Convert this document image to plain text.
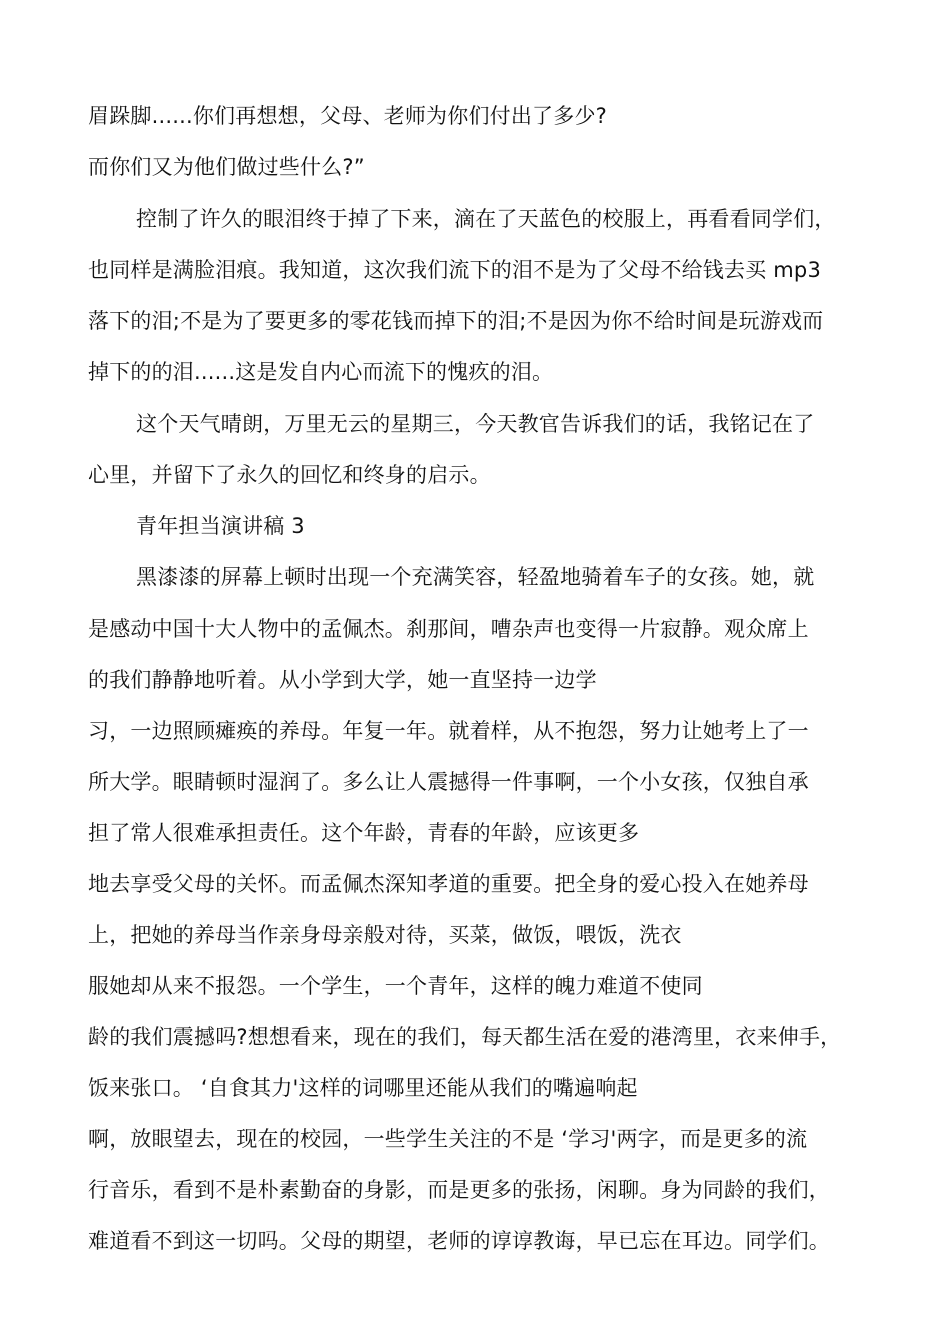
眉跺脚......你们再想想，父母、老师为你们付出了多少?
而你们又为他们做过些什么?”
控制了许久的眼泪终于掉了下来，滴在了天蓝色的校服上，再看看同学们，
也同样是满脸泪痕。我知道，这次我们流下的泪不是为了父母不给钱去买 mp3
落下的泪;不是为了要更多的零花钱而掉下的泪;不是因为你不给时间是玩游戏而
掉下的的泪......这是发自内心而流下的愧疚的泪。
这个天气晴朗，万里无云的星期三，今天教官告诉我们的话，我铭记在了
心里，并留下了永久的回忆和终身的启示。
青年担当演讲稿 3
黑漆漆的屏幕上顿时出现一个充满笑容，轻盈地骑着车子的女孩。她，就
是感动中国十大人物中的孟佩杰。刹那间，嘈杂声也变得一片寂静。观众席上
的我们静静地听着。从小学到大学，她一直坚持一边学
习，一边照顾瘫痪的养母。年复一年。就着样，从不抱怨，努力让她考上了一
所大学。眼睛顿时湿润了。多么让人震撼得一件事啊，一个小女孩，仅独自承
担了常人很难承担责任。这个年龄，青春的年龄，应该更多
地去享受父母的关怀。而孟佩杰深知孝道的重要。把全身的爱心投入在她养母
上，把她的养母当作亲身母亲般对待，买菜，做饭，喂饭，洗衣
服她却从来不报怨。一个学生，一个青年，这样的魄力难道不使同
龄的我们震撼吗?想想看来，现在的我们，每天都生活在爱的港湾里，衣来伸手，
饭来张口。 ‘自食其力'这样的词哪里还能从我们的嘴遍响起
啊，放眼望去，现在的校园，一些学生关注的不是 ‘学习'两字，而是更多的流
行音乐，看到不是朴素勤奋的身影，而是更多的张扬，闲聊。身为同龄的我们，
难道看不到这一切吗。父母的期望，老师的谆谆教诲，早已忘在耳边。同学们。
